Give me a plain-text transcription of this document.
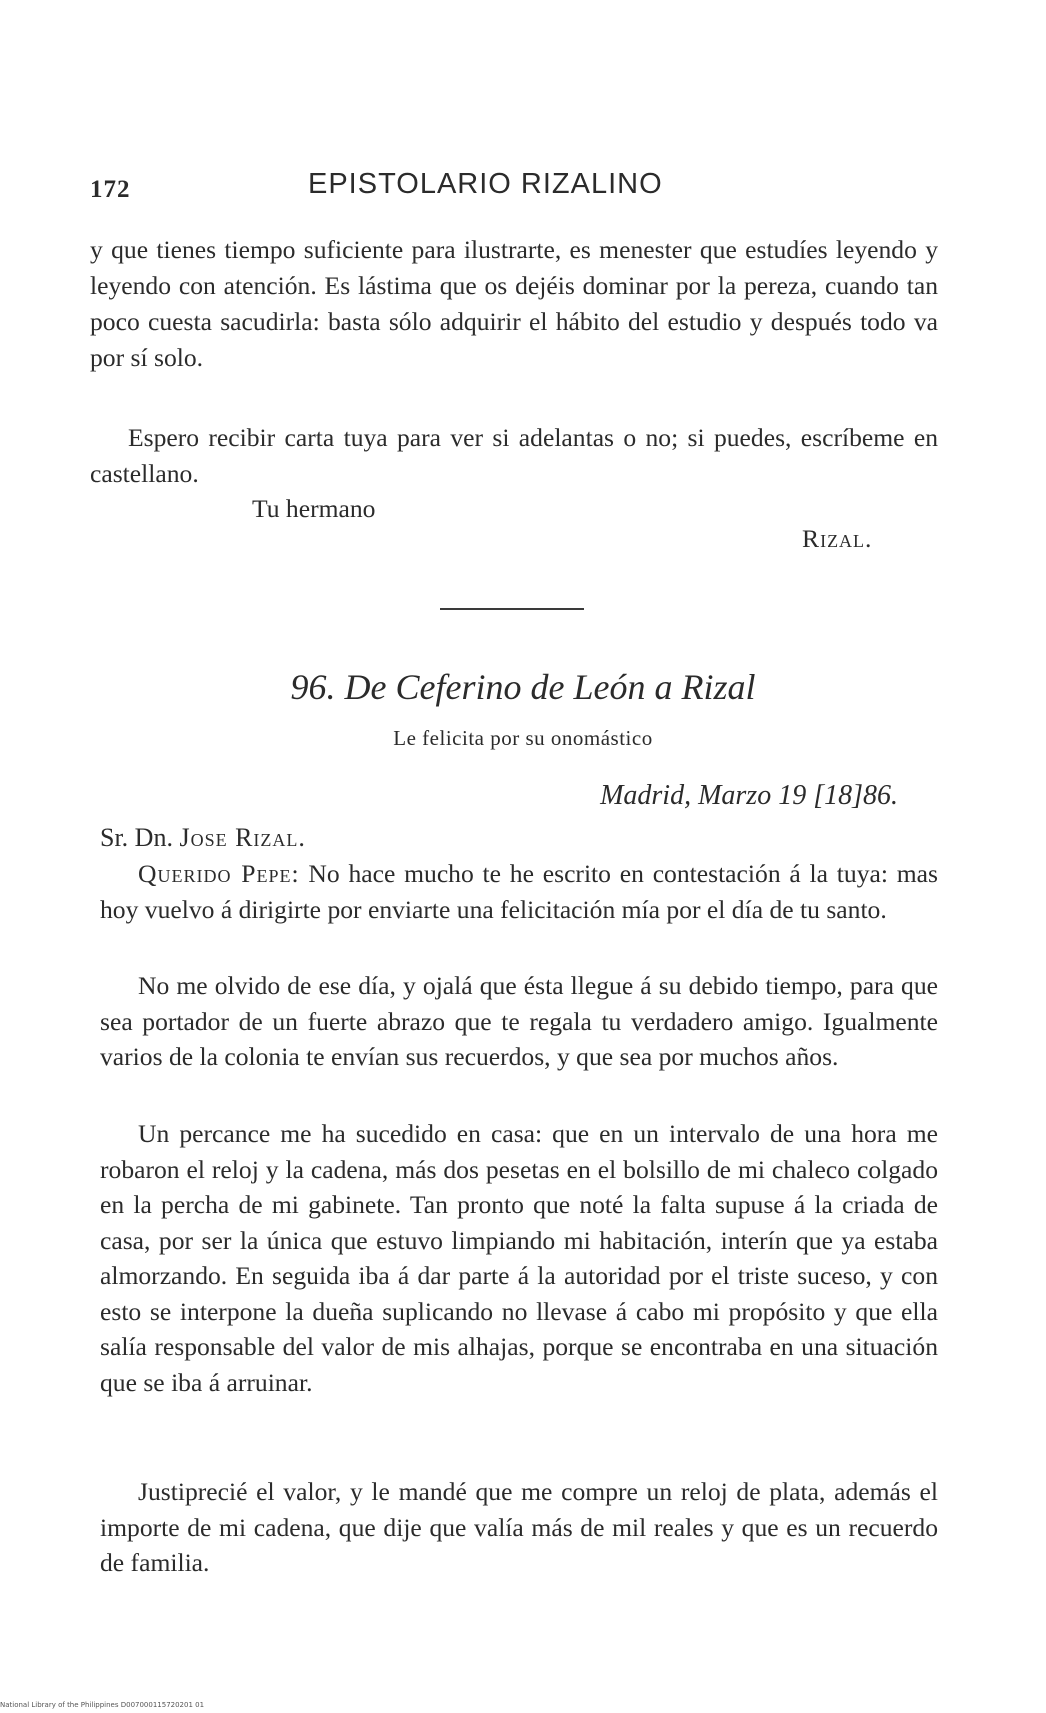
172	EPISTOLARIO RIZALINO
y que tienes tiempo suficiente para ilustrarte, es menester que estudíes leyendo y leyendo con atención. Es lástima que os dejéis dominar por la pereza, cuando tan poco cuesta sacudirla: basta sólo adquirir el hábito del estudio y después todo va por sí solo.
Espero recibir carta tuya para ver si adelantas o no; si puedes, escríbeme en castellano.
Tu hermano
Rizal.
96. De Ceferino de León a Rizal
Le felicita por su onomástico
Madrid, Marzo 19 [18]86.
Sr. Dn. Jose Rizal.
Querido Pepe: No hace mucho te he escrito en contestación á la tuya: mas hoy vuelvo á dirigirte por enviarte una felicitación mía por el día de tu santo.
No me olvido de ese día, y ojalá que ésta llegue á su debido tiempo, para que sea portador de un fuerte abrazo que te regala tu verdadero amigo. Igualmente varios de la colonia te envían sus recuerdos, y que sea por muchos años.
Un percance me ha sucedido en casa: que en un intervalo de una hora me robaron el reloj y la cadena, más dos pesetas en el bolsillo de mi chaleco colgado en la percha de mi gabinete. Tan pronto que noté la falta supuse á la criada de casa, por ser la única que estuvo limpiando mi habitación, interín que ya estaba almorzando. En seguida iba á dar parte á la autoridad por el triste suceso, y con esto se interpone la dueña suplicando no llevase á cabo mi propósito y que ella salía responsable del valor de mis alhajas, porque se encontraba en una situación que se iba á arruinar.
Justiprecié el valor, y le mandé que me compre un reloj de plata, además el importe de mi cadena, que dije que valía más de mil reales y que es un recuerdo de familia.
National Library of the Philippines D007000115720201 01
